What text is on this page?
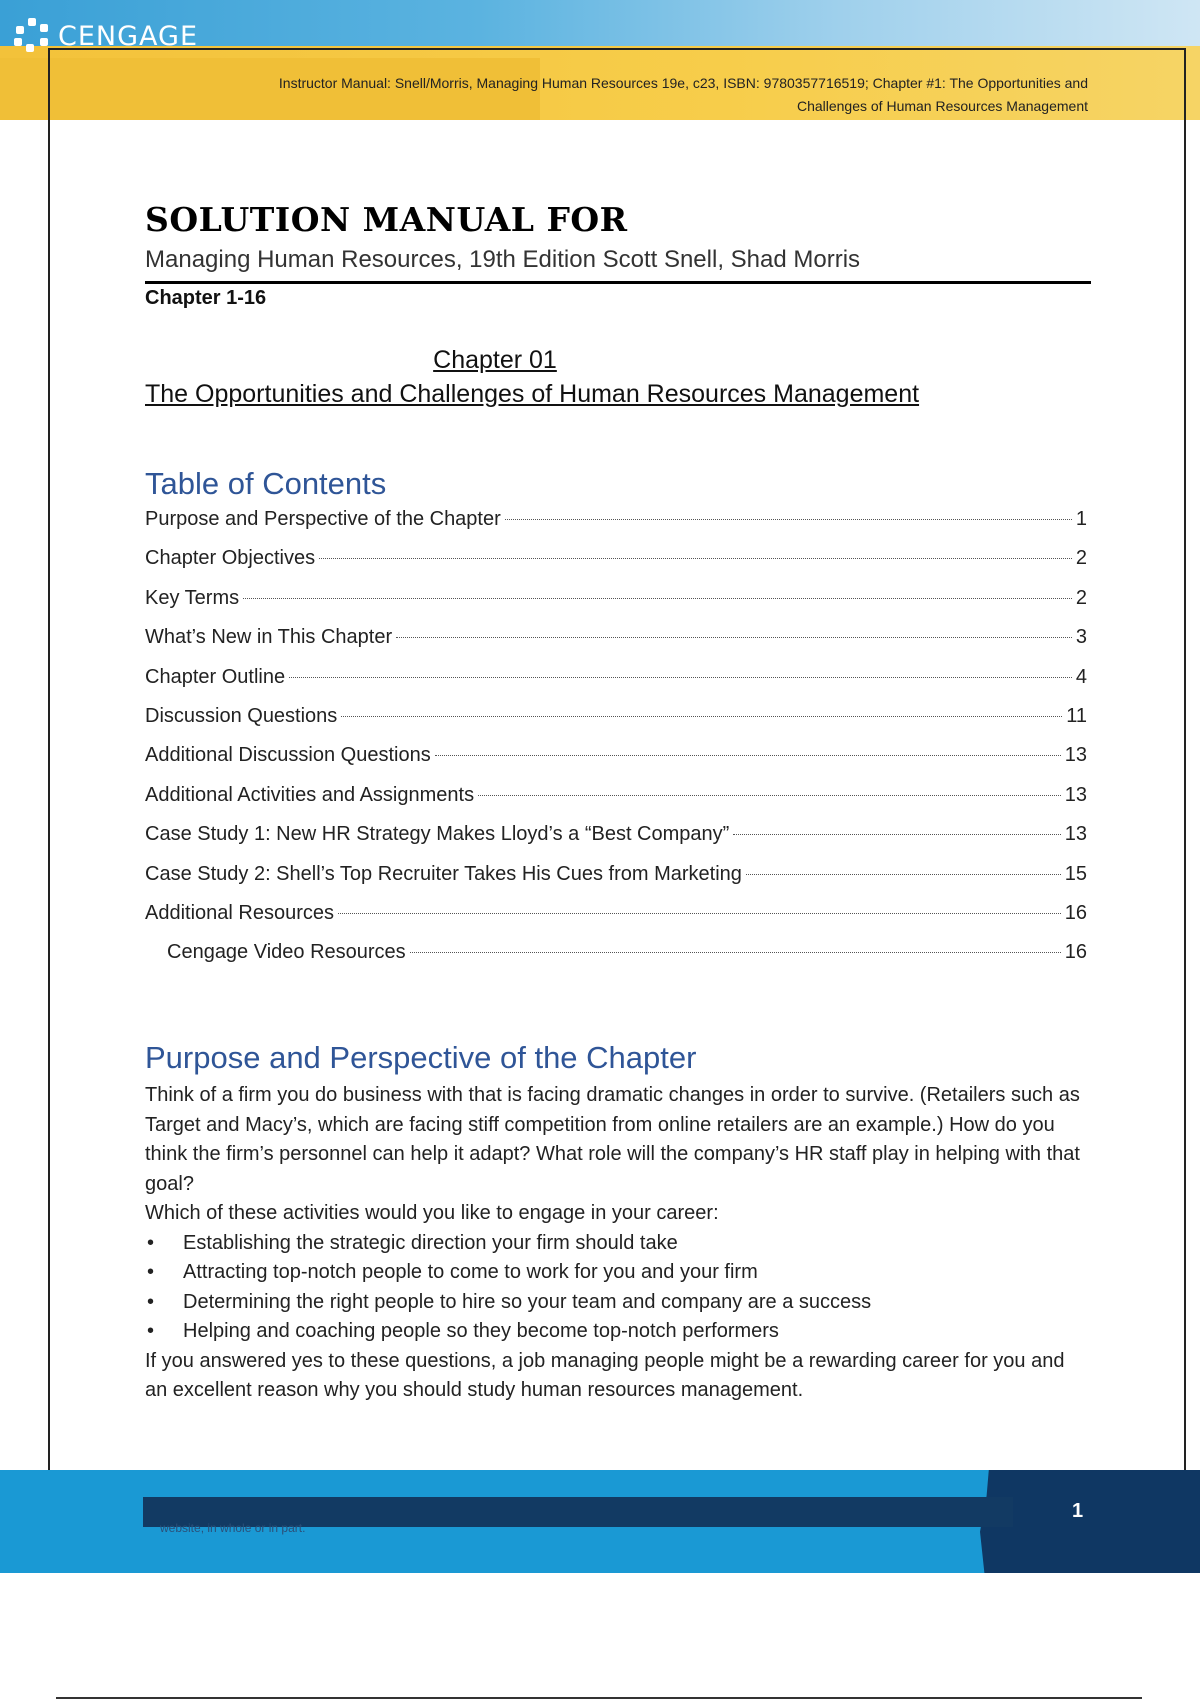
CENGAGE
Instructor Manual: Snell/Morris, Managing Human Resources 19e, c23, ISBN: 9780357716519; Chapter #1: The Opportunities and
Challenges of Human Resources Management
SOLUTION MANUAL FOR
Managing Human Resources, 19th Edition Scott Snell, Shad Morris
Chapter 1-16
Chapter 01
The Opportunities and Challenges of Human Resources Management
Table of Contents
Purpose and Perspective of the Chapter	1
Chapter Objectives	2
Key Terms	2
What’s New in This Chapter	3
Chapter Outline	4
Discussion Questions	11
Additional Discussion Questions	13
Additional Activities and Assignments	13
Case Study 1: New HR Strategy Makes Lloyd’s a “Best Company”	13
Case Study 2: Shell’s Top Recruiter Takes His Cues from Marketing	15
Additional Resources	16
Cengage Video Resources	16
Purpose and Perspective of the Chapter

Think of a firm you do business with that is facing dramatic changes in order to survive. (Retailers such as Target and Macy’s, which are facing stiff competition from online retailers are an example.) How do you think the firm’s personnel can help it adapt? What role will the company’s HR staff play in helping with that goal?

Which of these activities would you like to engage in your career:

•	Establishing the strategic direction your firm should take
•	Attracting top-notch people to come to work for you and your firm
•	Determining the right people to hire so your team and company are a success
•	Helping and coaching people so they become top-notch performers

If you answered yes to these questions, a job managing people might be a rewarding career for you and an excellent reason why you should study human resources management.

website, in whole or in part.
1
